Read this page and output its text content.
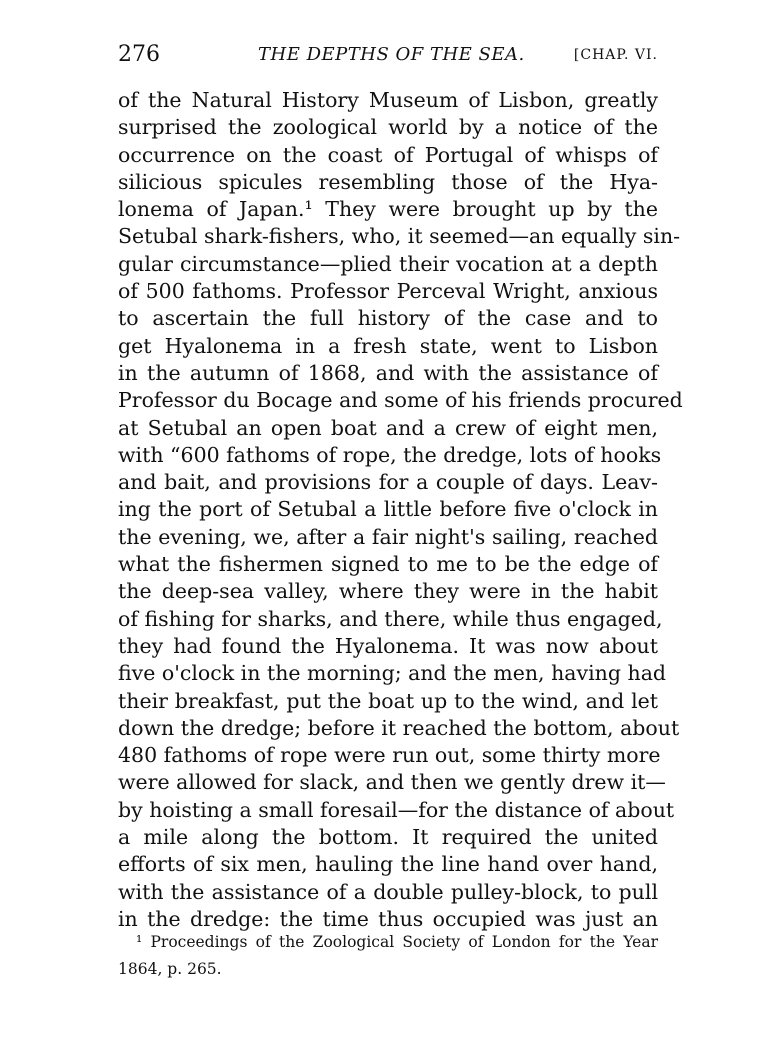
276	THE DEPTHS OF THE SEA.	[CHAP. VI.
of the Natural History Museum of Lisbon, greatly
surprised the zoological world by a notice of the
occurrence on the coast of Portugal of whisps of
silicious spicules resembling those of the Hya-
lonema of Japan.¹ They were brought up by the
Setubal shark-fishers, who, it seemed—an equally sin-
gular circumstance—plied their vocation at a depth
of 500 fathoms. Professor Perceval Wright, anxious
to ascertain the full history of the case and to
get Hyalonema in a fresh state, went to Lisbon
in the autumn of 1868, and with the assistance of
Professor du Bocage and some of his friends procured
at Setubal an open boat and a crew of eight men,
with “600 fathoms of rope, the dredge, lots of hooks
and bait, and provisions for a couple of days. Leav-
ing the port of Setubal a little before five o'clock in
the evening, we, after a fair night's sailing, reached
what the fishermen signed to me to be the edge of
the deep-sea valley, where they were in the habit
of fishing for sharks, and there, while thus engaged,
they had found the Hyalonema. It was now about
five o'clock in the morning; and the men, having had
their breakfast, put the boat up to the wind, and let
down the dredge; before it reached the bottom, about
480 fathoms of rope were run out, some thirty more
were allowed for slack, and then we gently drew it—
by hoisting a small foresail—for the distance of about
a mile along the bottom. It required the united
efforts of six men, hauling the line hand over hand,
with the assistance of a double pulley-block, to pull
in the dredge: the time thus occupied was just an
¹ Proceedings of the Zoological Society of London for the Year
1864, p. 265.
